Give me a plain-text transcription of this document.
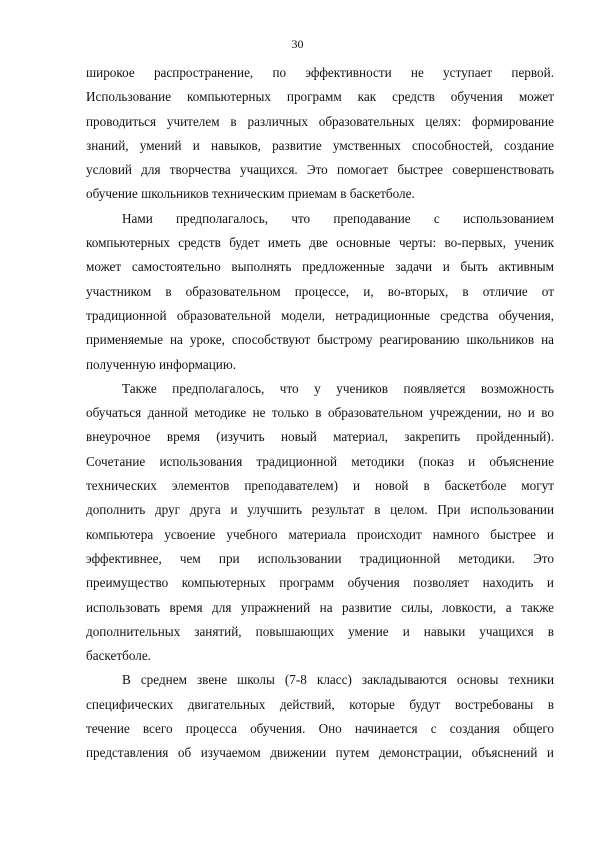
30
широкое распространение, по эффективности не уступает первой.
Использование компьютерных программ как средств обучения может
проводиться учителем в различных образовательных целях: формирование
знаний, умений и навыков, развитие умственных способностей, создание
условий для творчества учащихся. Это помогает быстрее совершенствовать
обучение школьников техническим приемам в баскетболе.
Нами предполагалось, что преподавание с использованием
компьютерных средств будет иметь две основные черты: во-первых, ученик
может самостоятельно выполнять предложенные задачи и быть активным
участником в образовательном процессе, и, во-вторых, в отличие от
традиционной образовательной модели, нетрадиционные средства обучения,
применяемые на уроке, способствуют быстрому реагированию школьников на
полученную информацию.
Также предполагалось, что у учеников появляется возможность
обучаться данной методике не только в образовательном учреждении, но и во
внеурочное время (изучить новый материал, закрепить пройденный).
Сочетание использования традиционной методики (показ и объяснение
технических элементов преподавателем) и новой в баскетболе могут
дополнить друг друга и улучшить результат в целом. При использовании
компьютера усвоение учебного материала происходит намного быстрее и
эффективнее, чем при использовании традиционной методики. Это
преимущество компьютерных программ обучения позволяет находить и
использовать время для упражнений на развитие силы, ловкости, а также
дополнительных занятий, повышающих умение и навыки учащихся в
баскетболе.
В среднем звене школы (7-8 класс) закладываются основы техники
специфических двигательных действий, которые будут востребованы в
течение всего процесса обучения. Оно начинается с создания общего
представления об изучаемом движении путем демонстрации, объяснений и
